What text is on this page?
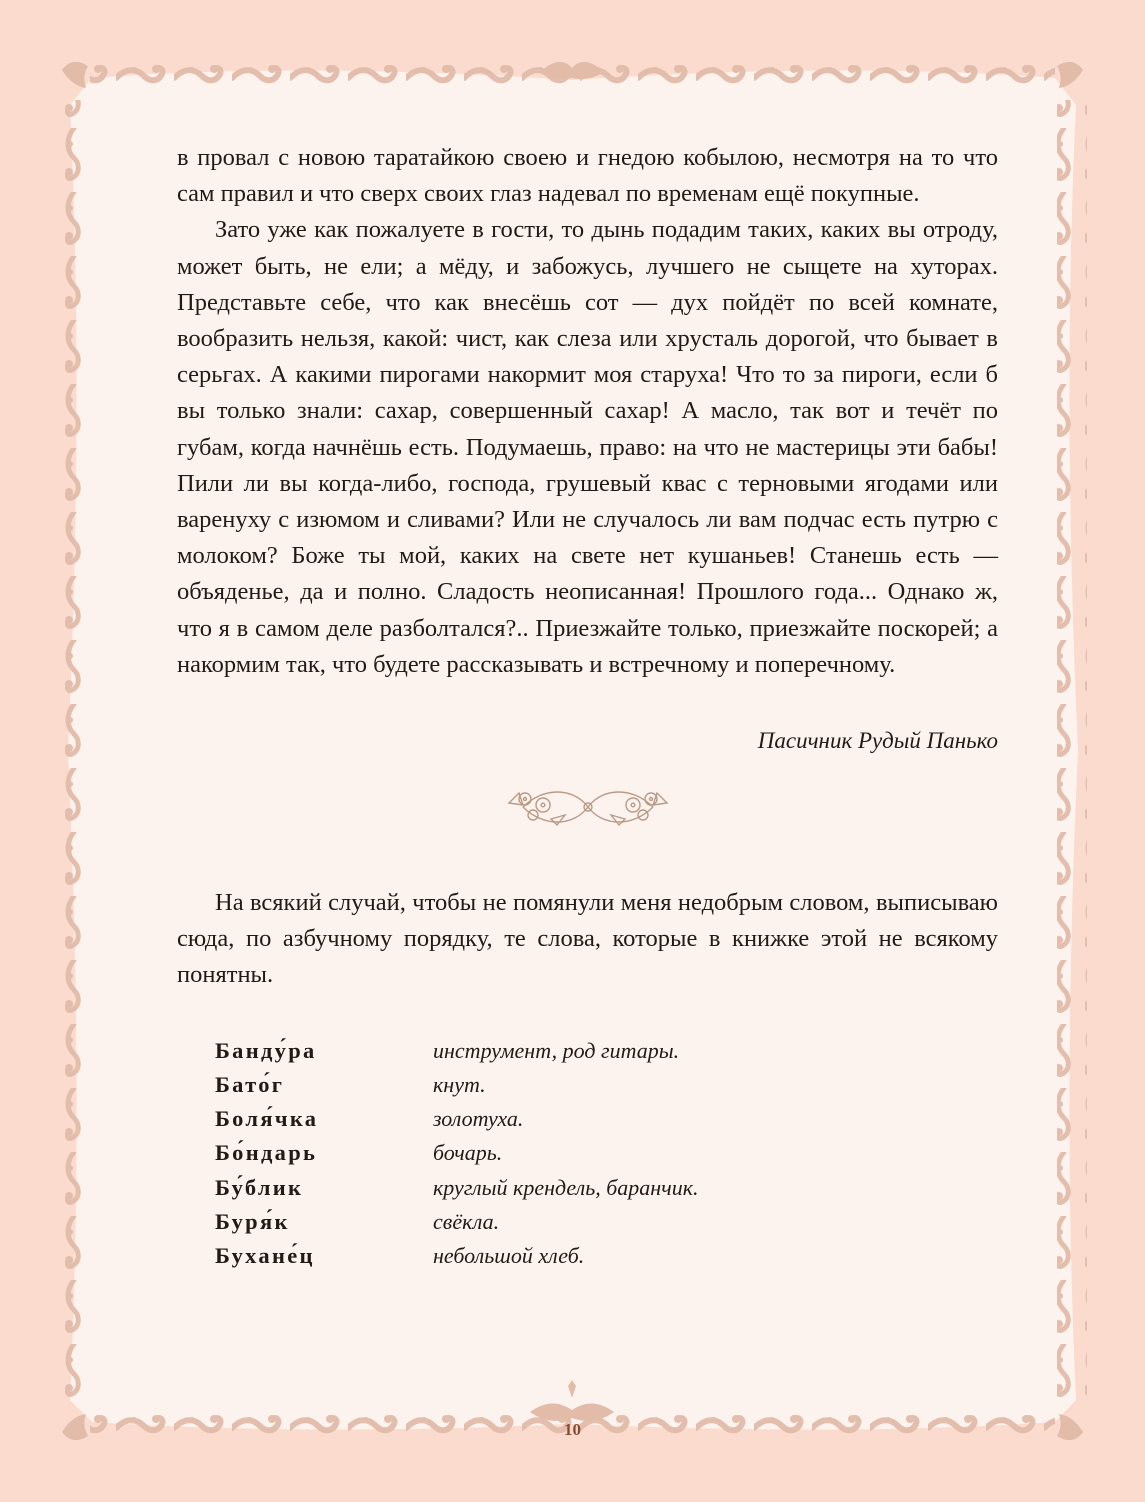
в провал с новою таратайкою своею и гнедою кобылою, несмотря на то что сам правил и что сверх своих глаз надевал по временам ещё покупные.

Зато уже как пожалуете в гости, то дынь подадим таких, каких вы отроду, может быть, не ели; а мёду, и забожусь, лучшего не сыщете на хуторах. Представьте себе, что как внесёшь сот — дух пойдёт по всей комнате, вообразить нельзя, какой: чист, как слеза или хрусталь дорогой, что бывает в серьгах. А какими пирогами накормит моя старуха! Что то за пироги, если б вы только знали: сахар, совершенный сахар! А масло, так вот и течёт по губам, когда начнёшь есть. Подумаешь, право: на что не мастерицы эти бабы! Пили ли вы когда-либо, господа, грушевый квас с терновыми ягодами или варенуху с изюмом и сливами? Или не случалось ли вам подчас есть путрю с молоком? Боже ты мой, каких на свете нет кушаньев! Станешь есть — объяденье, да и полно. Сладость неописанная! Прошлого года... Однако ж, что я в самом деле разболтался?.. Приезжайте только, приезжайте поскорей; а накормим так, что будете рассказывать и встречному и поперечному.

Пасичник Рудый Панько

На всякий случай, чтобы не помянули меня недобрым словом, выписываю сюда, по азбучному порядку, те слова, которые в книжке этой не всякому понятны.

Банду́ра	инструмент, род гитары.
Бато́г	кнут.
Боля́чка	золотуха.
Бо́ндарь	бочарь.
Бу́блик	круглый крендель, баранчик.
Буря́к	свёкла.
Бухане́ц	небольшой хлеб.
10
